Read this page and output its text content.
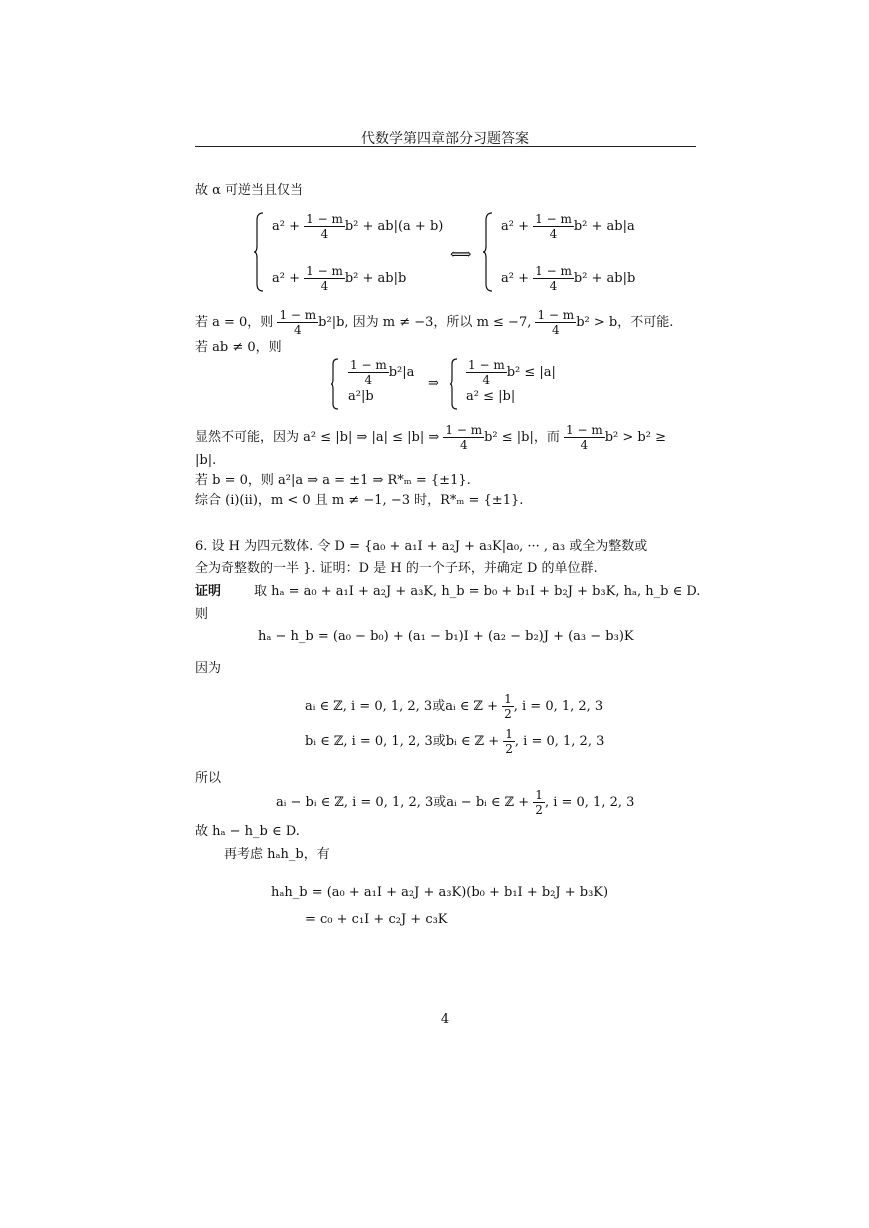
代数学第四章部分习题答案
故 α 可逆当且仅当
$a^2 + \frac{1 - m}{4} b^2 + ab|(a + b)$
$a^2 + \frac{1 - m}{4} b^2 + ab|b$
⟺
$a^2 + \frac{1 - m}{4} b^2 + ab|a$
$a^2 + \frac{1 - m}{4} b^2 + ab|b$
若 a = 0，则 $\frac{1 - m}{4} b^2|b$, 因为 m ≠ −3，所以 m ≤ −7, $\frac{1 - m}{4} b^2 > b$，不可能.
若 ab ≠ 0，则
$\frac{1 - m}{4} b^2|a$
a²|b
⇒ $\frac{1 - m}{4} b^2 \le |a|$
a² ≤ |b|
显然不可能，因为 a² ≤ |b| ⇒ |a| ≤ |b| ⇒ $\frac{1 - m}{4} b^2 \le |b|$，而 $\frac{1 - m}{4} b^2 > b^2$ ≥
|b|.
若 b = 0，则 a²|a ⇒ a = ±1 ⇒ R*ₘ = {±1}.
综合 (i)(ii)，m < 0 且 m ≠ −1, −3 时，R*ₘ = {±1}.
6. 设 H 为四元数体. 令 D = {a₀ + a₁I + a₂J + a₃K|a₀, ··· , a₃ 或全为整数或
全为奇整数的一半 }. 证明：D 是 H 的一个子环，并确定 D 的单位群.
证明	取 hₐ = a₀ + a₁I + a₂J + a₃K, h_b = b₀ + b₁I + b₂J + b₃K, hₐ, h_b ∈ D.
则
hₐ − h_b = (a₀ − b₀) + (a₁ − b₁)I + (a₂ − b₂)J + (a₃ − b₃)K
因为
aᵢ ∈ ℤ, i = 0, 1, 2, 3或aᵢ ∈ ℤ + $\frac{1}{2}$ , i = 0, 1, 2, 3
bᵢ ∈ ℤ, i = 0, 1, 2, 3或bᵢ ∈ ℤ + $\frac{1}{2}$ , i = 0, 1, 2, 3
所以
aᵢ − bᵢ ∈ ℤ, i = 0, 1, 2, 3或aᵢ − bᵢ ∈ ℤ + $\frac{1}{2}$ , i = 0, 1, 2, 3
故 hₐ − h_b ∈ D.
再考虑 hₐh_b，有
hₐh_b = (a₀ + a₁I + a₂J + a₃K)(b₀ + b₁I + b₂J + b₃K)
= c₀ + c₁I + c₂J + c₃K
4
